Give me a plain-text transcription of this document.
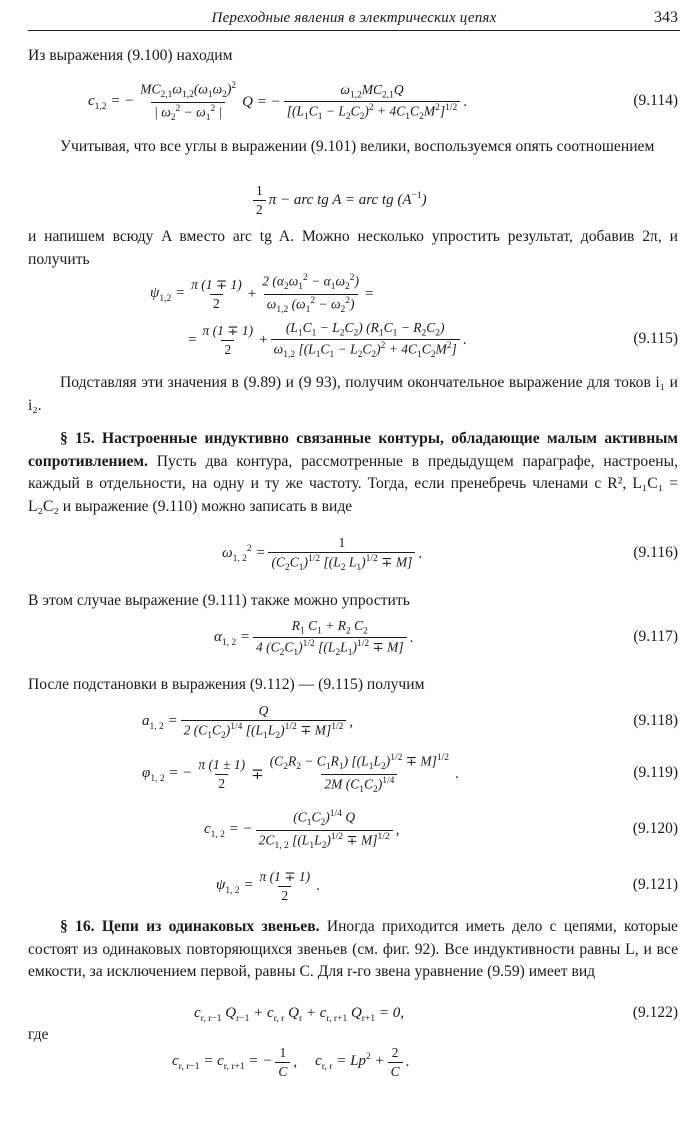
Переходные явления в электрических цепях	343
Из выражения (9.100) находим
$c_{1,2}$ = − $\frac{MC_{2,1}\omega_{1,2}(\omega_1\omega_2)^2}{| \omega_2^2 - \omega_1^2 |}$ Q = − $\frac{\omega_{1,2}MC_{2,1}Q}{[(L_1C_1 - L_2C_2)^2 + 4C_1C_2M^2]^{1/2}}$ .	(9.114)
Учитывая, что все углы в выражении (9.101) велики, воспользуемся опять соотношением
$\frac{1}{2}$ π − arc tg A = arc tg $(A^{-1})$
и напишем всюду A вместо arc tg A. Можно несколько упростить результат, добавив 2π, и получить
$\psi_{1,2} = \frac{\pi (1 \mp 1)}{2} + \frac{2 (\alpha_2\omega_1^2 - \alpha_1\omega_2^2)}{\omega_{1,2} (\omega_1^2 - \omega_2^2)}$ =
= $\frac{\pi (1 \mp 1)}{2} + \frac{(L_1C_1 - L_2C_2) (R_1C_1 - R_2C_2)}{\omega_{1,2} [(L_1C_1 - L_2C_2)^2 + 4C_1C_2M^2]}$ .	(9.115)
Подставляя эти значения в (9.89) и (9 93), получим окончательное выражение для токов i₁ и i₂.
§ 15. Настроенные индуктивно связанные контуры, обладающие малым активным сопротивлением. Пусть два контура, рассмотренные в предыдущем параграфе, настроены, каждый в отдельности, на одну и ту же частоту. Тогда, если пренебречь членами с R², L₁C₁ = L₂C₂ и выражение (9.110) можно записать в виде
$\omega_{1, 2}^2 = \frac{1}{(C_2C_1)^{1/2} [(L_2 L_1)^{1/2} \mp M]}$ .	(9.116)
В этом случае выражение (9.111) также можно упростить
$\alpha_{1, 2} = \frac{R_1 C_1 + R_2 C_2}{4 (C_2C_1)^{1/2} [(L_2L_1)^{1/2} \mp M]}$ .	(9.117)
После подстановки в выражения (9.112) — (9.115) получим
$a_{1, 2} = \frac{Q}{2 (C_1C_2)^{1/4} [(L_1L_2)^{1/2} \mp M]^{1/2}}$ ,	(9.118)
$\varphi_{1, 2}$ = − $\frac{\pi (1 \pm 1)}{2} \mp \frac{(C_2R_2 - C_1R_1) [(L_1L_2)^{1/2} \mp M]^{1/2}}{2M (C_1C_2)^{1/4}}$ .	(9.119)
$c_{1, 2}$ = − $\frac{(C_1C_2)^{1/4} Q}{2C_{1, 2} [(L_1L_2)^{1/2} \mp M]^{1/2}}$ ,	(9.120)
$\psi_{1, 2} = \frac{\pi (1 \mp 1)}{2}$ .	(9.121)
§ 16. Цепи из одинаковых звеньев. Иногда приходится иметь дело с цепями, которые состоят из одинаковых повторяющихся звеньев (см. фиг. 92). Все индуктивности равны L, и все емкости, за исключением первой, равны C. Для r-го звена уравнение (9.59) имеет вид
$c_{r, r-1}$ $Q_{r-1} + c_{r, r}$ $Q_r + c_{r, r+1}$ $Q_{r+1} = 0$,	(9.122)
где
$c_{r, r-1} = c_{r, r+1}$ = − $\frac{1}{C}$ , $c_{r, r} = Lp^2 + \frac{2}{C}$ .
